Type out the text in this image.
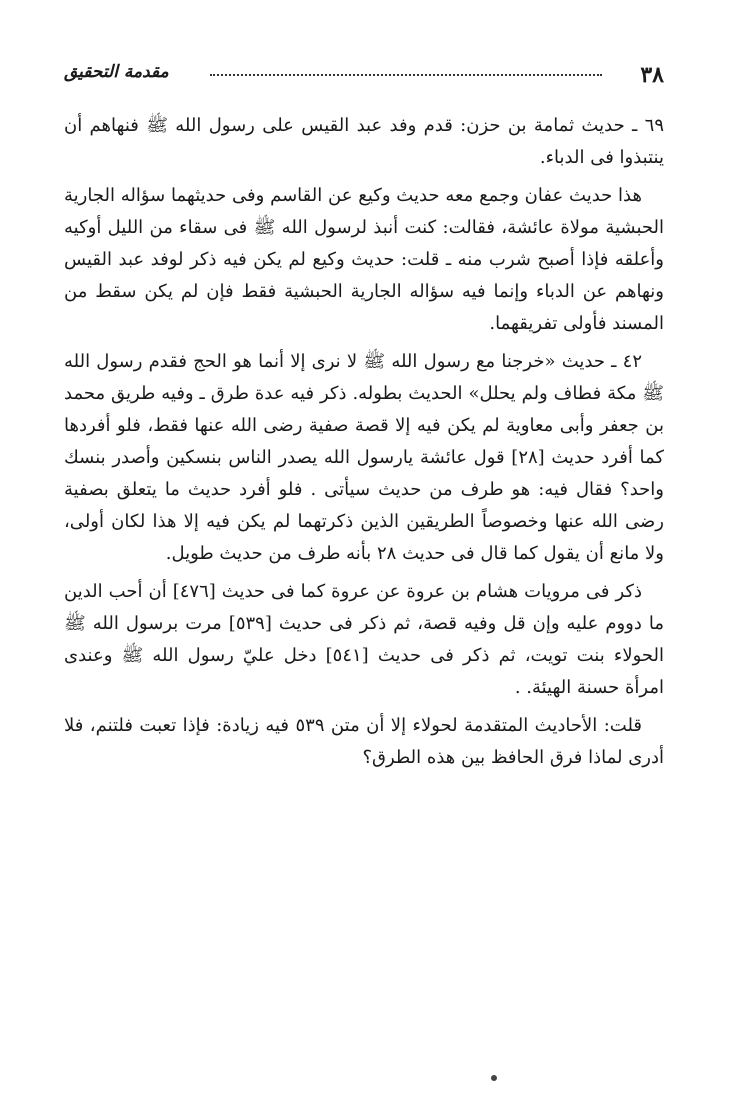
مقدمة التحقيق	٣٨

٦٩ ـ حديث ثمامة بن حزن: قدم وفد عبد القيس على رسول الله ﷺ فنهاهم أن ينتبذوا فى الدباء.

هذا حديث عفان وجمع معه حديث وكيع عن القاسم وفى حديثهما سؤاله الجارية الحبشية مولاة عائشة، فقالت: كنت أنبذ لرسول الله ﷺ فى سقاء من الليل أوكيه وأعلقه فإذا أصبح شرب منه ـ قلت: حديث وكيع لم يكن فيه ذكر لوفد عبد القيس ونهاهم عن الدباء وإنما فيه سؤاله الجارية الحبشية فقط فإن لم يكن سقط من المسند فأولى تفريقهما.

٤٢ ـ حديث «خرجنا مع رسول الله ﷺ لا نرى إلا أنما هو الحج فقدم رسول الله ﷺ مكة فطاف ولم يحلل» الحديث بطوله. ذكر فيه عدة طرق ـ وفيه طريق محمد بن جعفر وأبى معاوية لم يكن فيه إلا قصة صفية رضى الله عنها فقط، فلو أفردها كما أفرد حديث [٢٨] قول عائشة يارسول الله يصدر الناس بنسكين وأصدر بنسك واحد؟ فقال فيه: هو طرف من حديث سيأتى . فلو أفرد حديث ما يتعلق بصفية رضى الله عنها وخصوصاً الطريقين الذين ذكرتهما لم يكن فيه إلا هذا لكان أولى، ولا مانع أن يقول كما قال فى حديث ٢٨ بأنه طرف من حديث طويل.

ذكر فى مرويات هشام بن عروة عن عروة كما فى حديث [٤٧٦] أن أحب الدين ما دووم عليه وإن قل وفيه قصة، ثم ذكر فى حديث [٥٣٩] مرت برسول الله ﷺ الحولاء بنت تويت، ثم ذكر فى حديث [٥٤١] دخل عليّ رسول الله ﷺ وعندى امرأة حسنة الهيئة. .

قلت: الأحاديث المتقدمة لحولاء إلا أن متن ٥٣٩ فيه زيادة: فإذا تعبت فلتنم، فلا أدرى لماذا فرق الحافظ بين هذه الطرق؟
